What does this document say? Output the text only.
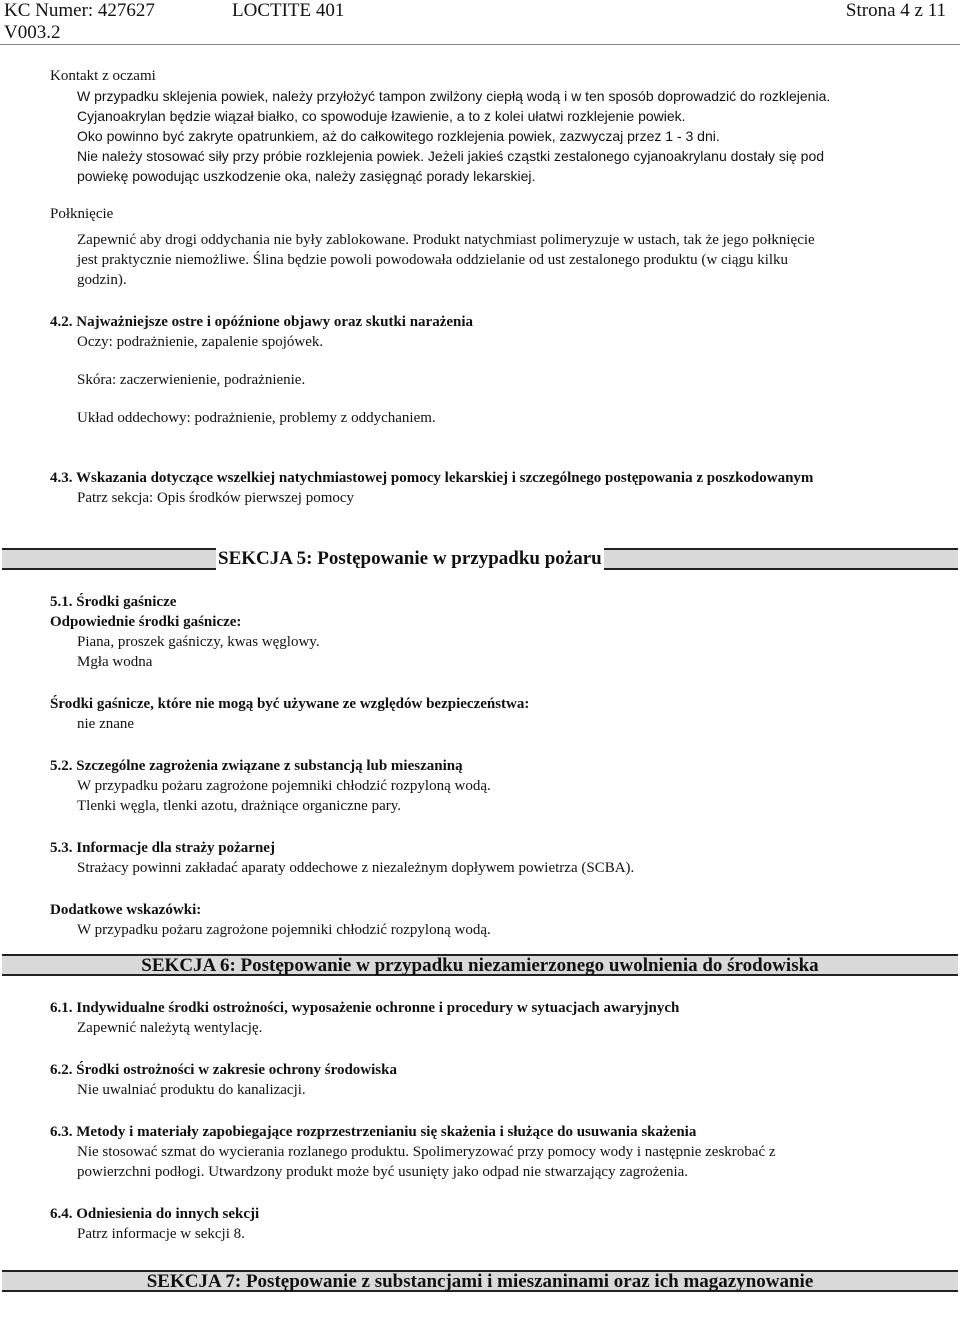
KC Numer: 427627	LOCTITE 401	Strona 4 z 11
V003.2

Kontakt z oczami

W przypadku sklejenia powiek, należy przyłożyć tampon zwilżony ciepłą wodą i w ten sposób doprowadzić do rozklejenia.

Cyjanoakrylan będzie wiązał białko, co spowoduje łzawienie, a to z kolei ułatwi rozklejenie powiek.

Oko powinno być zakryte opatrunkiem, aż do całkowitego rozklejenia powiek, zazwyczaj przez 1 - 3 dni.

Nie należy stosować siły przy próbie rozklejenia powiek. Jeżeli jakieś cząstki zestalonego cyjanoakrylanu dostały się pod

powiekę powodując uszkodzenie oka, należy zasięgnąć porady lekarskiej.

Połknięcie

Zapewnić aby drogi oddychania nie były zablokowane. Produkt natychmiast polimeryzuje w ustach, tak że jego połknięcie

jest praktycznie niemożliwe. Ślina będzie powoli powodowała oddzielanie od ust zestalonego produktu (w ciągu kilku

godzin).

4.2. Najważniejsze ostre i opóźnione objawy oraz skutki narażenia

Oczy: podrażnienie, zapalenie spojówek.

Skóra: zaczerwienienie, podrażnienie.

Układ oddechowy: podrażnienie, problemy z oddychaniem.

4.3. Wskazania dotyczące wszelkiej natychmiastowej pomocy lekarskiej i szczególnego postępowania z poszkodowanym

Patrz sekcja: Opis środków pierwszej pomocy

SEKCJA 5: Postępowanie w przypadku pożaru

5.1. Środki gaśnicze

Odpowiednie środki gaśnicze:

Piana, proszek gaśniczy, kwas węglowy.

Mgła wodna

Środki gaśnicze, które nie mogą być używane ze względów bezpieczeństwa:

nie znane

5.2. Szczególne zagrożenia związane z substancją lub mieszaniną

W przypadku pożaru zagrożone pojemniki chłodzić rozpyloną wodą.

Tlenki węgla, tlenki azotu, drażniące organiczne pary.

5.3. Informacje dla straży pożarnej

Strażacy powinni zakładać aparaty oddechowe z niezależnym dopływem powietrza (SCBA).

Dodatkowe wskazówki:

W przypadku pożaru zagrożone pojemniki chłodzić rozpyloną wodą.

SEKCJA 6: Postępowanie w przypadku niezamierzonego uwolnienia do środowiska

6.1. Indywidualne środki ostrożności, wyposażenie ochronne i procedury w sytuacjach awaryjnych

Zapewnić należytą wentylację.

6.2. Środki ostrożności w zakresie ochrony środowiska

Nie uwalniać produktu do kanalizacji.

6.3. Metody i materiały zapobiegające rozprzestrzenianiu się skażenia i służące do usuwania skażenia

Nie stosować szmat do wycierania rozlanego produktu. Spolimeryzować przy pomocy wody i następnie zeskrobać z

powierzchni podłogi. Utwardzony produkt może być usunięty jako odpad nie stwarzający zagrożenia.

6.4. Odniesienia do innych sekcji

Patrz informacje w sekcji 8.

SEKCJA 7: Postępowanie z substancjami i mieszaninami oraz ich magazynowanie
